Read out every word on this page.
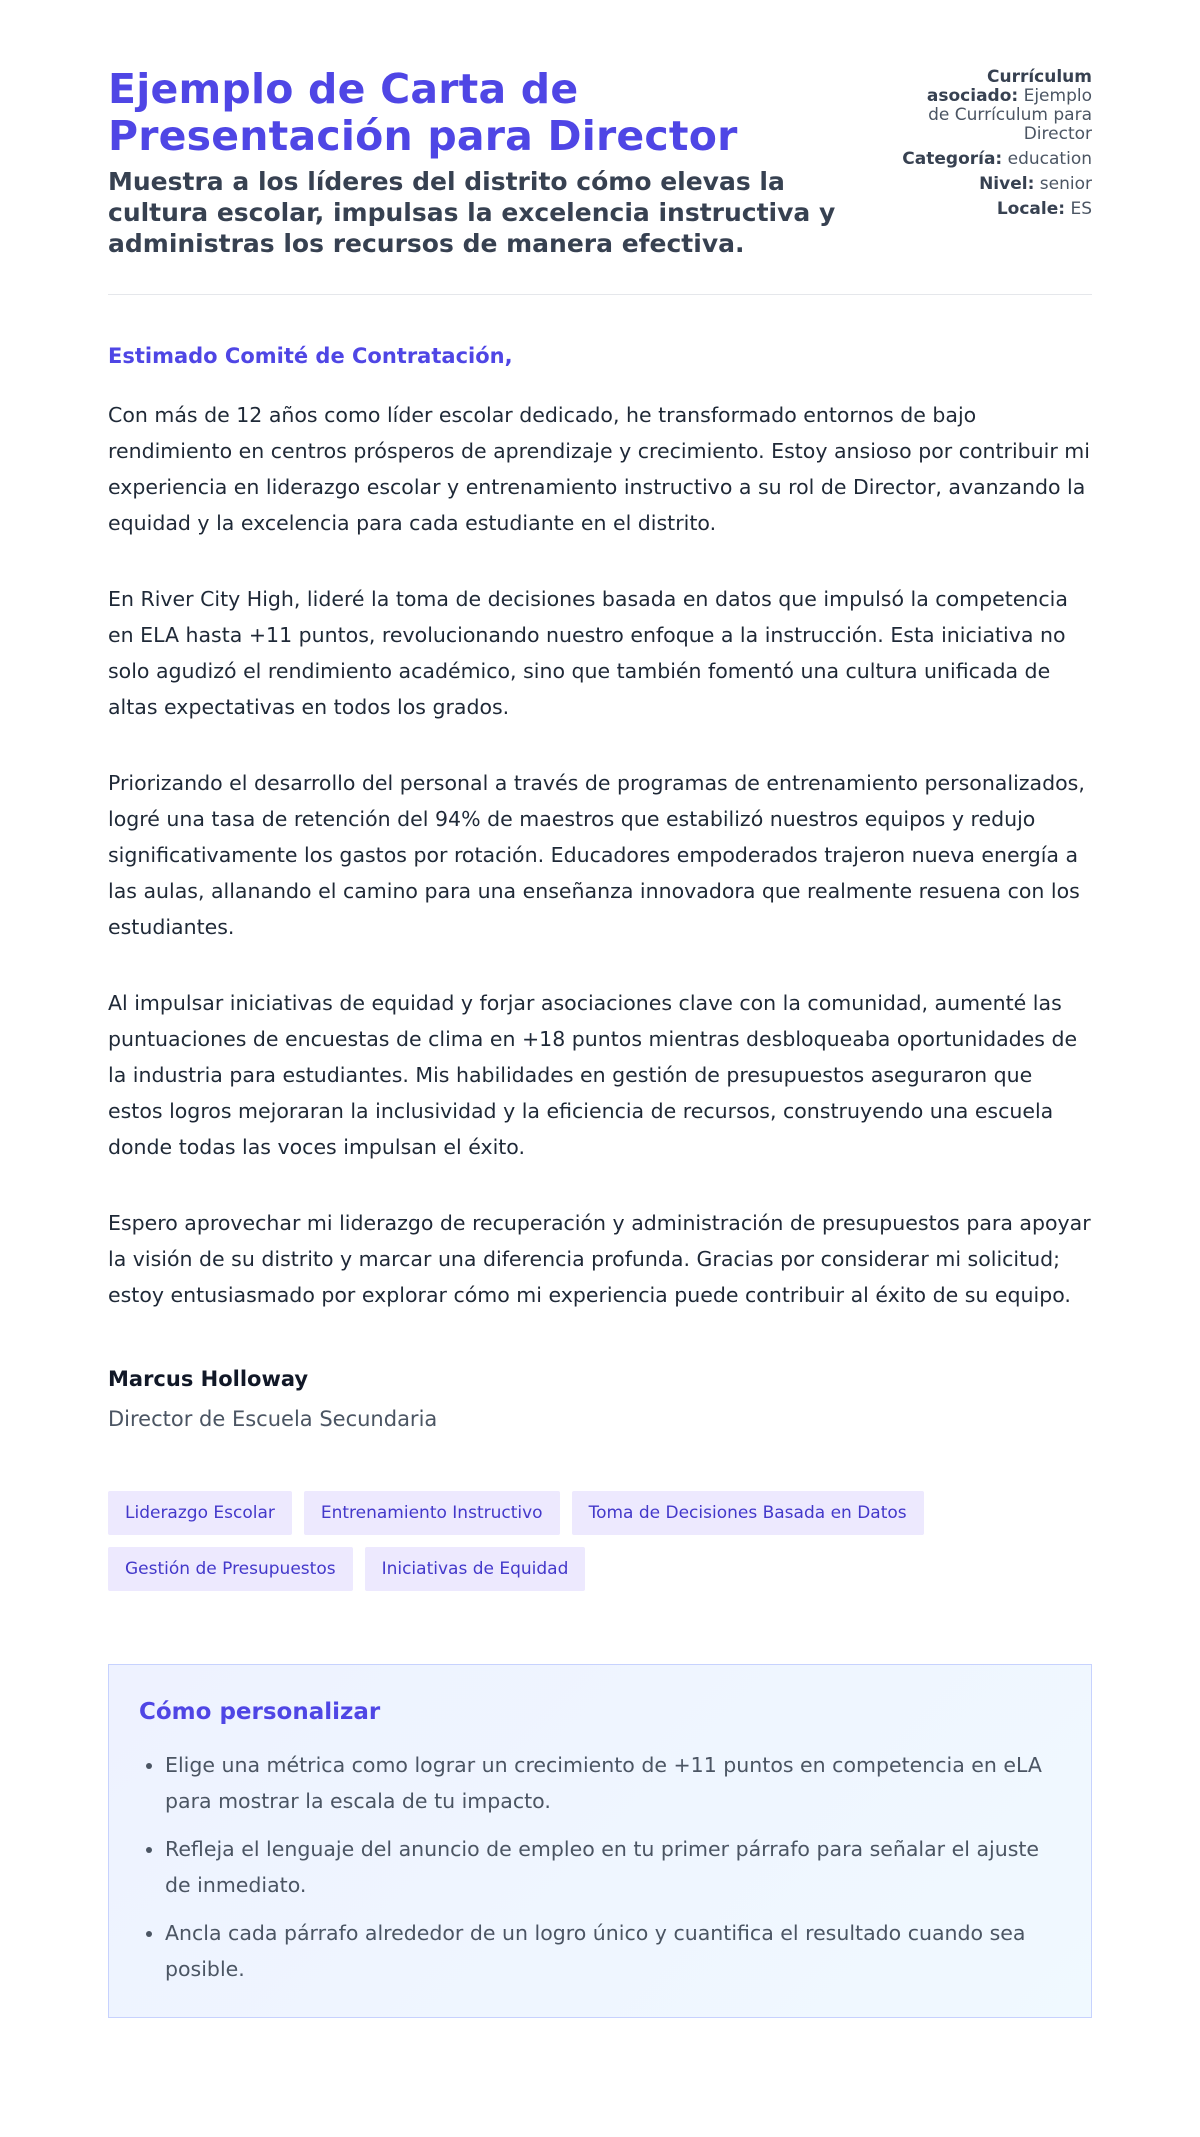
Ejemplo de Carta de Presentación para Director
Muestra a los líderes del distrito cómo elevas la cultura escolar, impulsas la excelencia instructiva y administras los recursos de manera efectiva.
Currículum asociado: Ejemplo de Currículum para Director
Categoría: education
Nivel: senior
Locale: ES

Estimado Comité de Contratación,

Con más de 12 años como líder escolar dedicado, he transformado entornos de bajo rendimiento en centros prósperos de aprendizaje y crecimiento. Estoy ansioso por contribuir mi experiencia en liderazgo escolar y entrenamiento instructivo a su rol de Director, avanzando la equidad y la excelencia para cada estudiante en el distrito.

En River City High, lideré la toma de decisiones basada en datos que impulsó la competencia en ELA hasta +11 puntos, revolucionando nuestro enfoque a la instrucción. Esta iniciativa no solo agudizó el rendimiento académico, sino que también fomentó una cultura unificada de altas expectativas en todos los grados.

Priorizando el desarrollo del personal a través de programas de entrenamiento personalizados, logré una tasa de retención del 94% de maestros que estabilizó nuestros equipos y redujo significativamente los gastos por rotación. Educadores empoderados trajeron nueva energía a las aulas, allanando el camino para una enseñanza innovadora que realmente resuena con los estudiantes.

Al impulsar iniciativas de equidad y forjar asociaciones clave con la comunidad, aumenté las puntuaciones de encuestas de clima en +18 puntos mientras desbloqueaba oportunidades de la industria para estudiantes. Mis habilidades en gestión de presupuestos aseguraron que estos logros mejoraran la inclusividad y la eficiencia de recursos, construyendo una escuela donde todas las voces impulsan el éxito.

Espero aprovechar mi liderazgo de recuperación y administración de presupuestos para apoyar la visión de su distrito y marcar una diferencia profunda. Gracias por considerar mi solicitud; estoy entusiasmado por explorar cómo mi experiencia puede contribuir al éxito de su equipo.

Marcus Holloway
Director de Escuela Secundaria
Liderazgo Escolar	Entrenamiento Instructivo	Toma de Decisiones Basada en Datos
Gestión de Presupuestos	Iniciativas de Equidad
Cómo personalizar
• Elige una métrica como lograr un crecimiento de +11 puntos en competencia en eLA para mostrar la escala de tu impacto.
• Refleja el lenguaje del anuncio de empleo en tu primer párrafo para señalar el ajuste de inmediato.
• Ancla cada párrafo alrededor de un logro único y cuantifica el resultado cuando sea posible.
